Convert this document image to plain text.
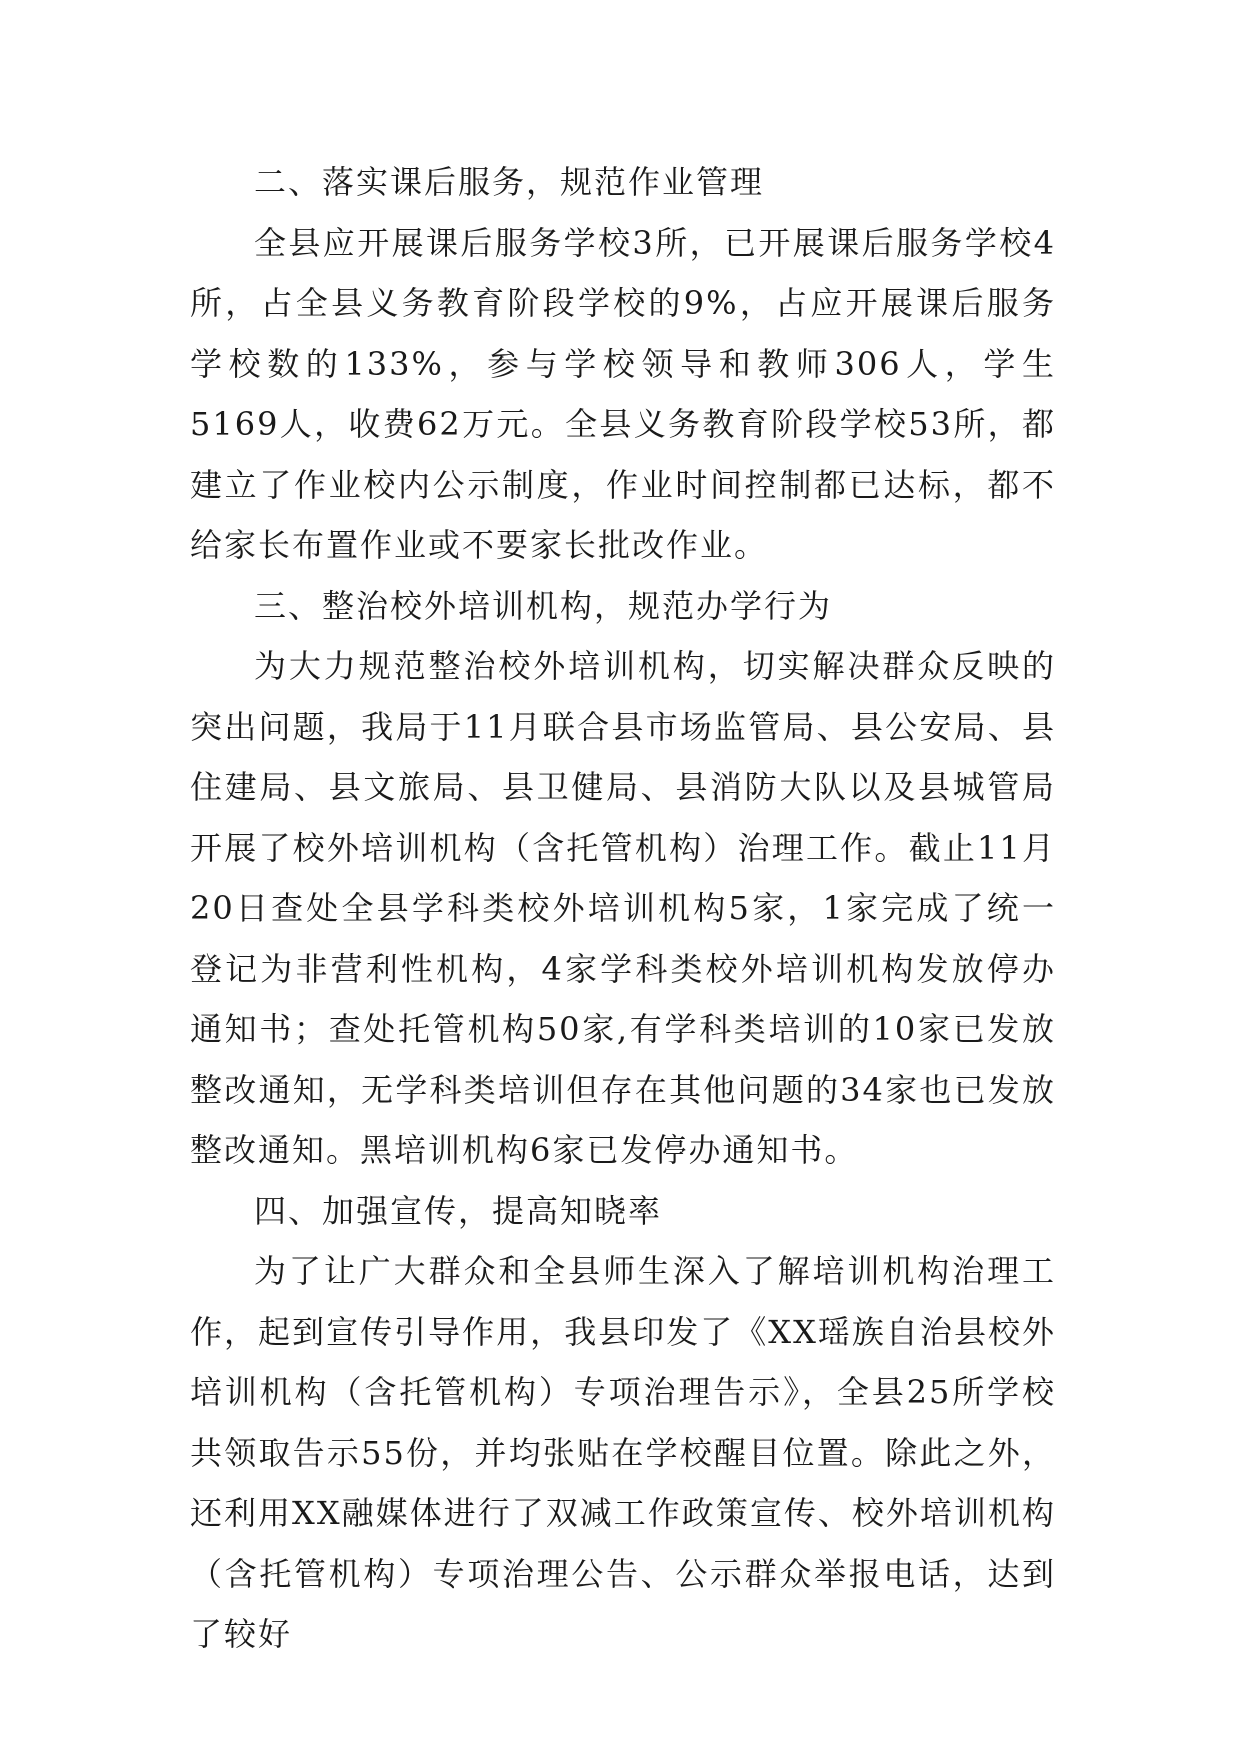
二、落实课后服务，规范作业管理

全县应开展课后服务学校3所，已开展课后服务学校4所，占全县义务教育阶段学校的9%，占应开展课后服务学校数的133%，参与学校领导和教师306人，学生5169人，收费62万元。全县义务教育阶段学校53所，都建立了作业校内公示制度，作业时间控制都已达标，都不给家长布置作业或不要家长批改作业。

三、整治校外培训机构，规范办学行为

为大力规范整治校外培训机构，切实解决群众反映的突出问题，我局于11月联合县市场监管局、县公安局、县住建局、县文旅局、县卫健局、县消防大队以及县城管局开展了校外培训机构（含托管机构）治理工作。截止11月20日查处全县学科类校外培训机构5家，1家完成了统一登记为非营利性机构，4家学科类校外培训机构发放停办通知书；查处托管机构50家,有学科类培训的10家已发放整改通知，无学科类培训但存在其他问题的34家也已发放整改通知。黑培训机构6家已发停办通知书。

四、加强宣传，提高知晓率

为了让广大群众和全县师生深入了解培训机构治理工作，起到宣传引导作用，我县印发了《XX瑶族自治县校外培训机构（含托管机构）专项治理告示》，全县25所学校共领取告示55份，并均张贴在学校醒目位置。除此之外，还利用XX融媒体进行了双减工作政策宣传、校外培训机构（含托管机构）专项治理公告、公示群众举报电话，达到了较好
